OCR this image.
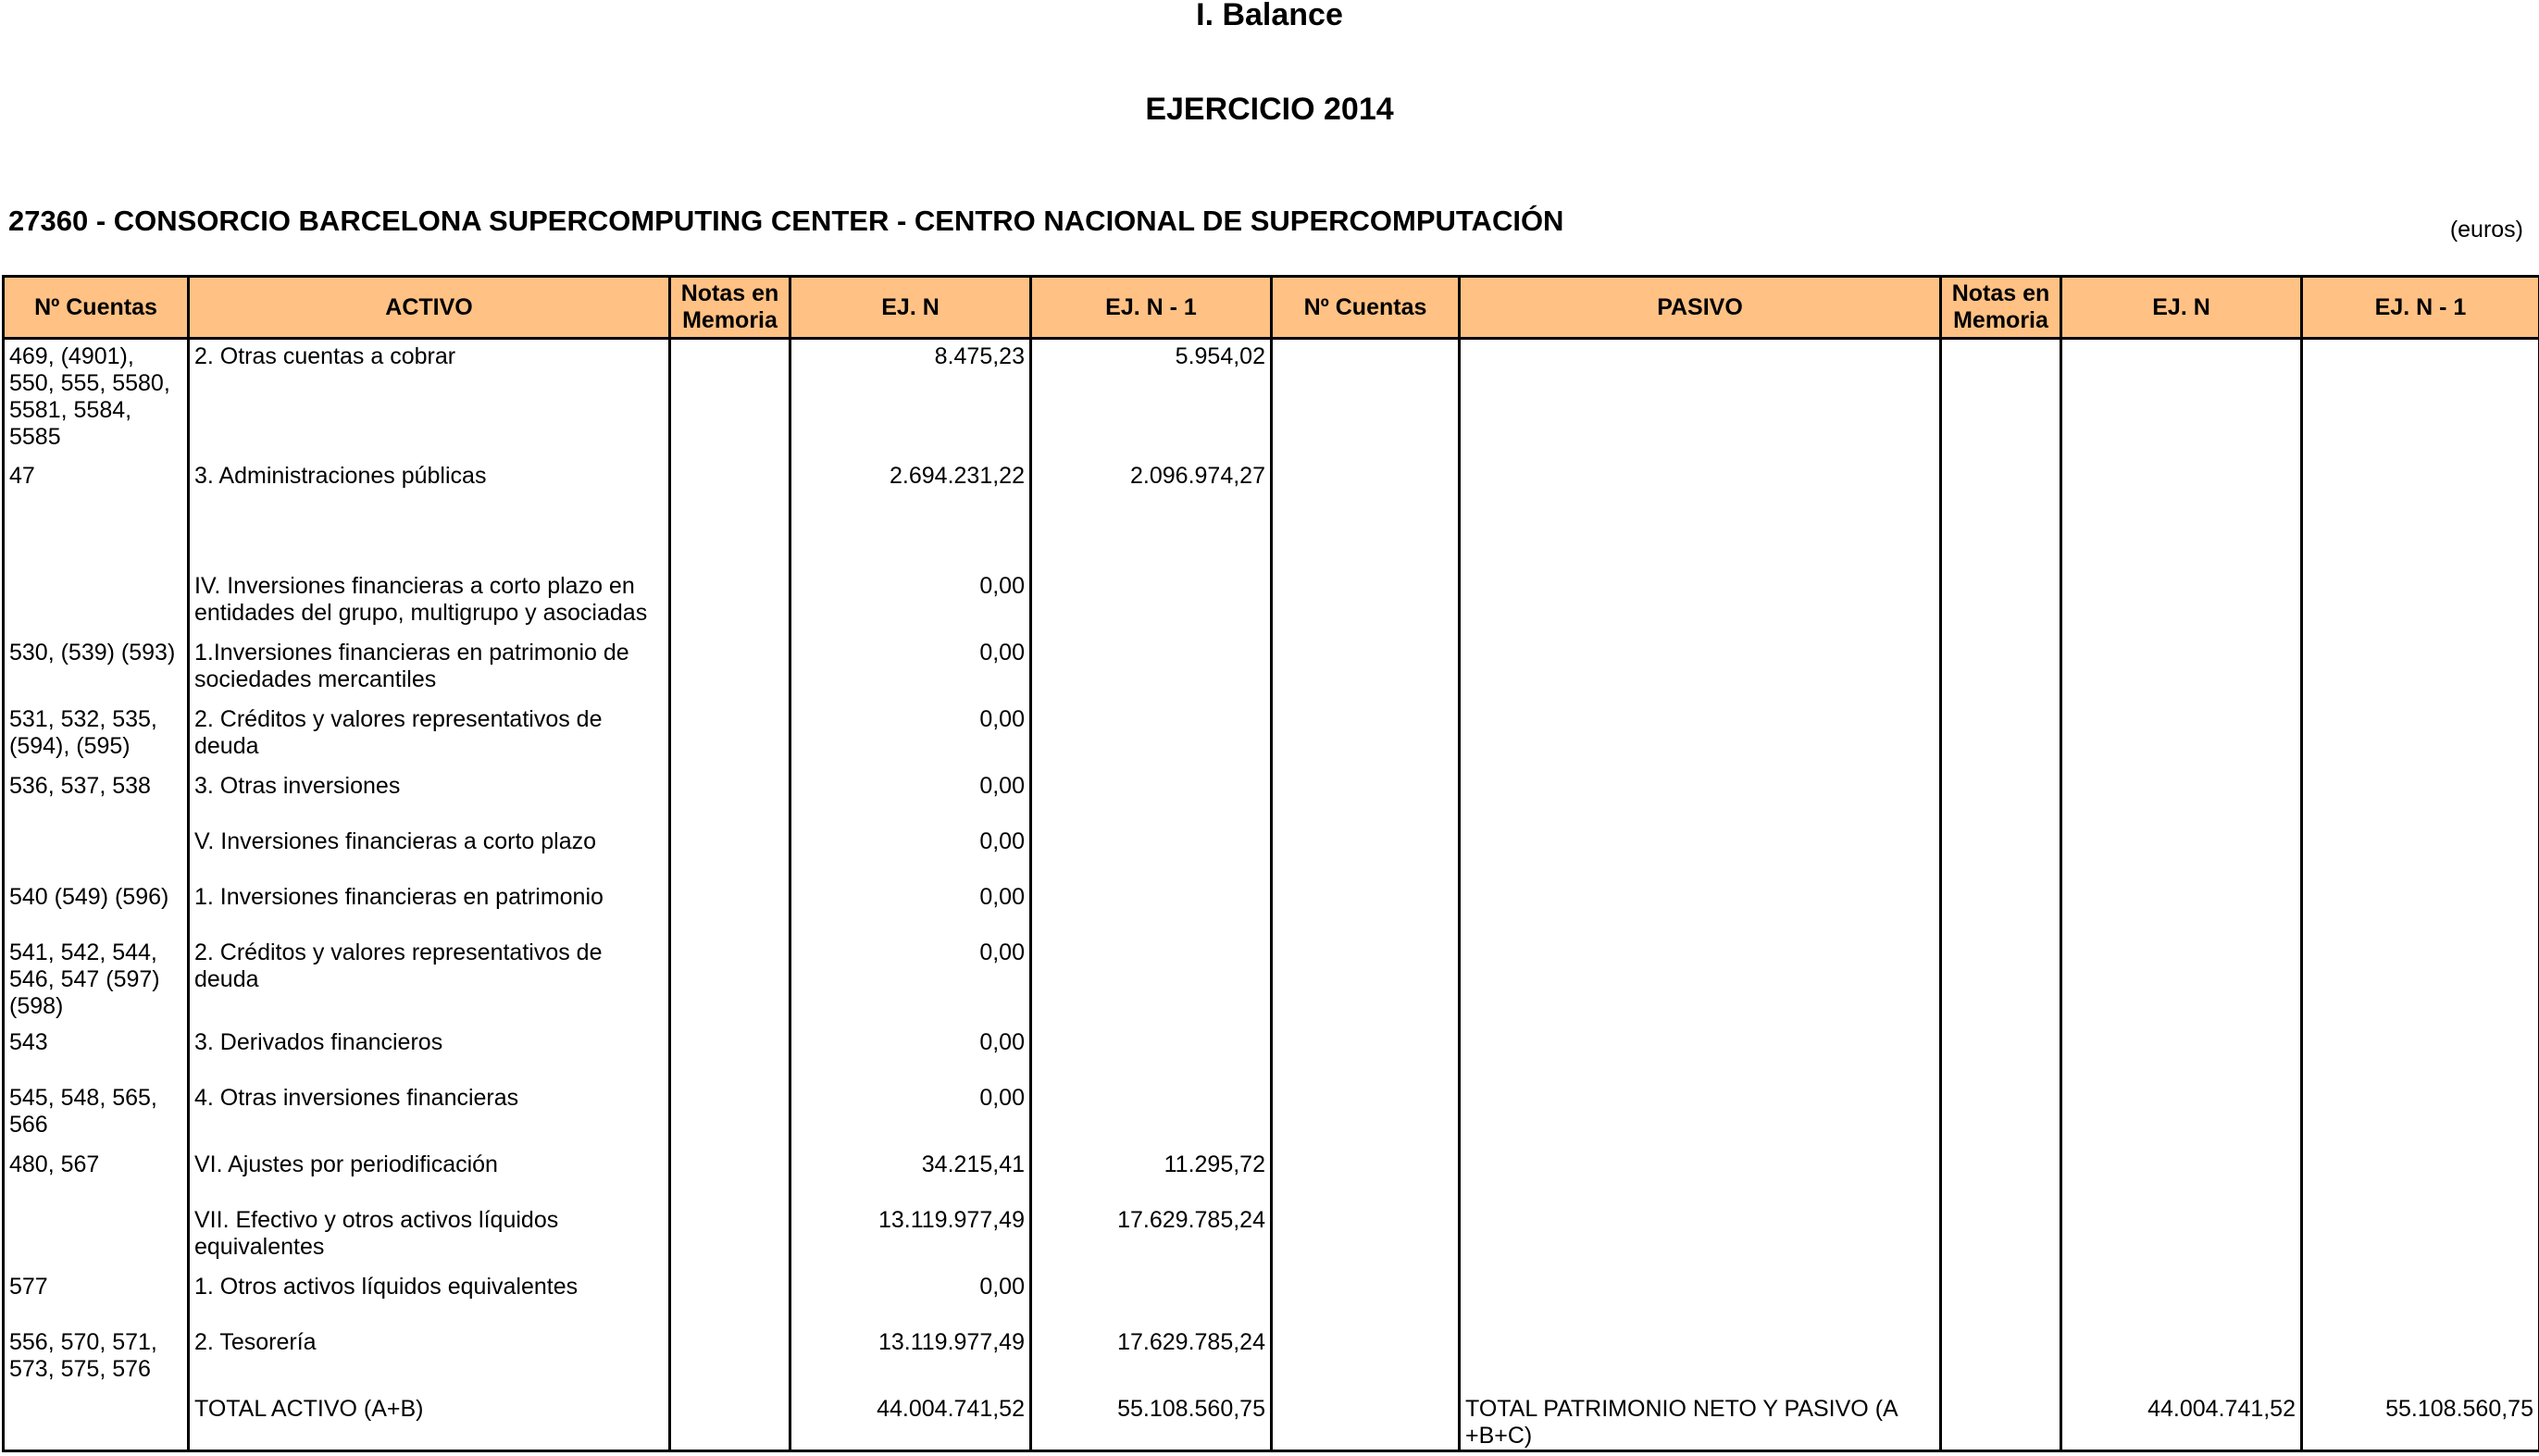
I. Balance
EJERCICIO 2014
27360 - CONSORCIO BARCELONA SUPERCOMPUTING CENTER - CENTRO NACIONAL DE SUPERCOMPUTACIÓN	(euros)
Nº Cuentas	ACTIVO	Notas en Memoria	EJ. N	EJ. N - 1	Nº Cuentas	PASIVO	Notas en Memoria	EJ. N	EJ. N - 1
469, (4901), 550, 555, 5580, 5581, 5584, 5585	2. Otras cuentas a cobrar		8.475,23	5.954,02					
47	3. Administraciones públicas		2.694.231,22	2.096.974,27					
	IV. Inversiones financieras a corto plazo en entidades del grupo, multigrupo y asociadas		0,00						
530, (539) (593)	1.Inversiones financieras en patrimonio de sociedades mercantiles		0,00						
531, 532, 535, (594), (595)	2. Créditos y valores representativos de deuda		0,00						
536, 537, 538	3. Otras inversiones		0,00						
	V. Inversiones financieras a corto plazo		0,00						
540 (549) (596)	1. Inversiones financieras en patrimonio		0,00						
541, 542, 544, 546, 547 (597) (598)	2. Créditos y valores representativos de deuda		0,00						
543	3. Derivados financieros		0,00						
545, 548, 565, 566	4. Otras inversiones financieras		0,00						
480, 567	VI. Ajustes por periodificación		34.215,41	11.295,72					
	VII. Efectivo y otros activos líquidos equivalentes		13.119.977,49	17.629.785,24					
577	1. Otros activos líquidos equivalentes		0,00						
556, 570, 571, 573, 575, 576	2. Tesorería		13.119.977,49	17.629.785,24					
	TOTAL ACTIVO (A+B)		44.004.741,52	55.108.560,75		TOTAL PATRIMONIO NETO Y PASIVO (A +B+C)		44.004.741,52	55.108.560,75
